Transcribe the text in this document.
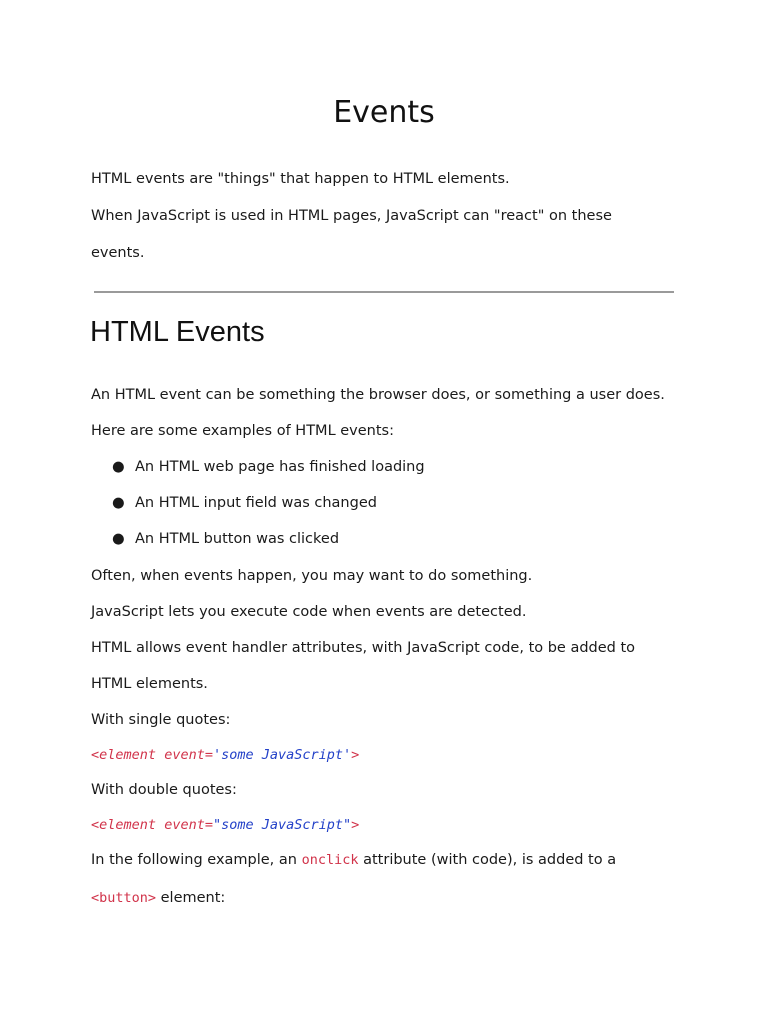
Events
HTML events are "things" that happen to HTML elements.
When JavaScript is used in HTML pages, JavaScript can "react" on these
events.
HTML Events
An HTML event can be something the browser does, or something a user does.
Here are some examples of HTML events:
● An HTML web page has finished loading
● An HTML input field was changed
● An HTML button was clicked
Often, when events happen, you may want to do something.
JavaScript lets you execute code when events are detected.
HTML allows event handler attributes, with JavaScript code, to be added to
HTML elements.
With single quotes:
<element event='some JavaScript'>
With double quotes:
<element event="some JavaScript">
In the following example, an onclick attribute (with code), is added to a
<button> element:
